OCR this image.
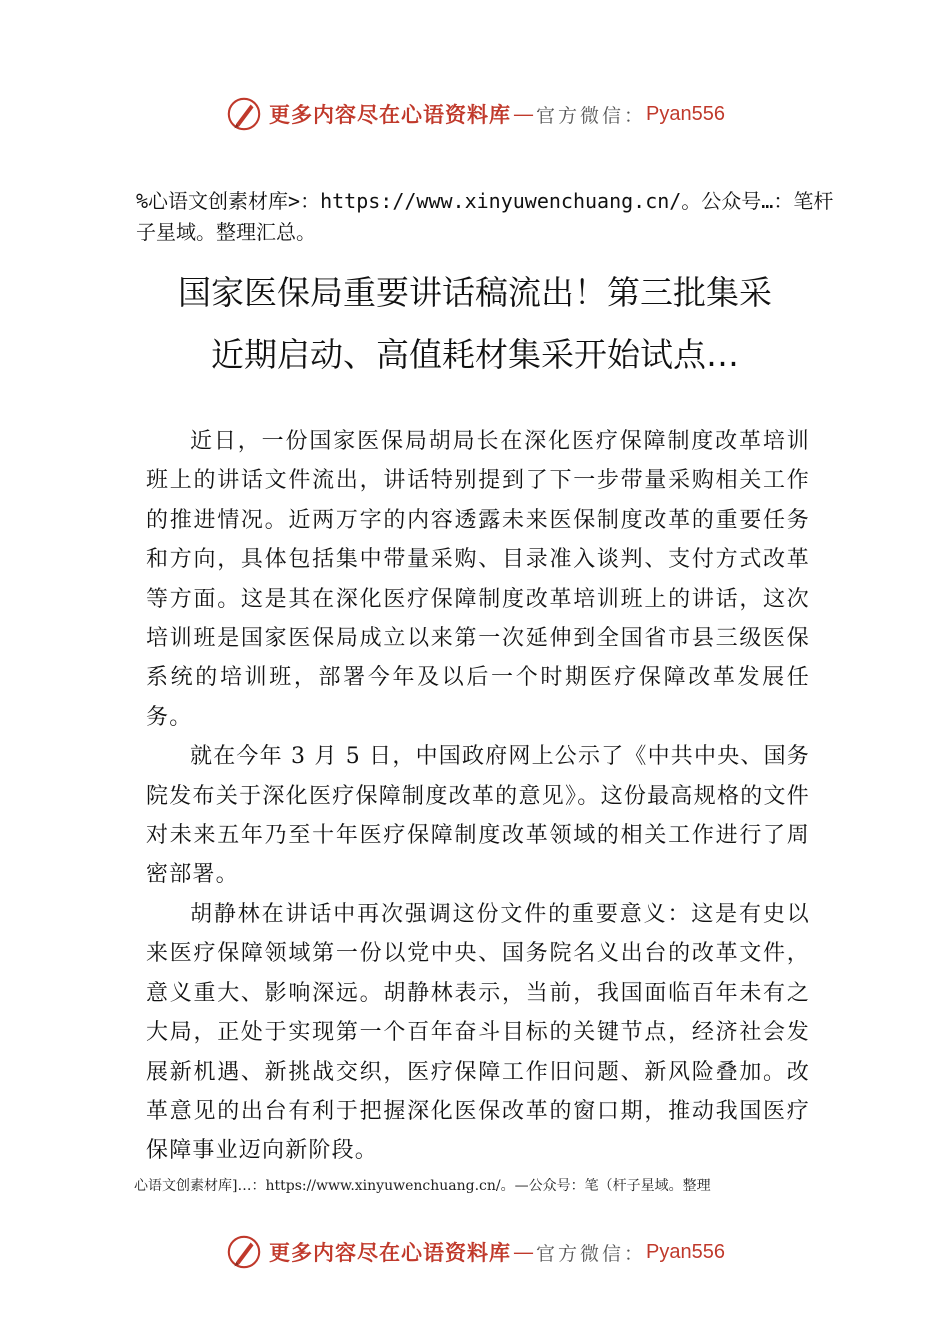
更多内容尽在心语资料库 — 官方微信： Pyan556
%心语文创素材库>：https://www.xinyuwenchuang.cn/。公众号…：笔杆子星域。整理汇总。
国家医保局重要讲话稿流出！第三批集采
近期启动、高值耗材集采开始试点…

近日，一份国家医保局胡局长在深化医疗保障制度改革培训班上的讲话文件流出，讲话特别提到了下一步带量采购相关工作的推进情况。近两万字的内容透露未来医保制度改革的重要任务和方向，具体包括集中带量采购、目录准入谈判、支付方式改革等方面。这是其在深化医疗保障制度改革培训班上的讲话，这次培训班是国家医保局成立以来第一次延伸到全国省市县三级医保系统的培训班，部署今年及以后一个时期医疗保障改革发展任务。

就在今年 3 月 5 日，中国政府网上公示了《中共中央、国务院发布关于深化医疗保障制度改革的意见》。这份最高规格的文件对未来五年乃至十年医疗保障制度改革领域的相关工作进行了周密部署。

胡静林在讲话中再次强调这份文件的重要意义：这是有史以来医疗保障领域第一份以党中央、国务院名义出台的改革文件，意义重大、影响深远。胡静林表示，当前，我国面临百年未有之大局，正处于实现第一个百年奋斗目标的关键节点，经济社会发展新机遇、新挑战交织，医疗保障工作旧问题、新风险叠加。改革意见的出台有利于把握深化医保改革的窗口期，推动我国医疗保障事业迈向新阶段。

心语文创素材库]…：https://www.xinyuwenchuang.cn/。—公众号：笔（杆子星域。整理
更多内容尽在心语资料库 — 官方微信： Pyan556
